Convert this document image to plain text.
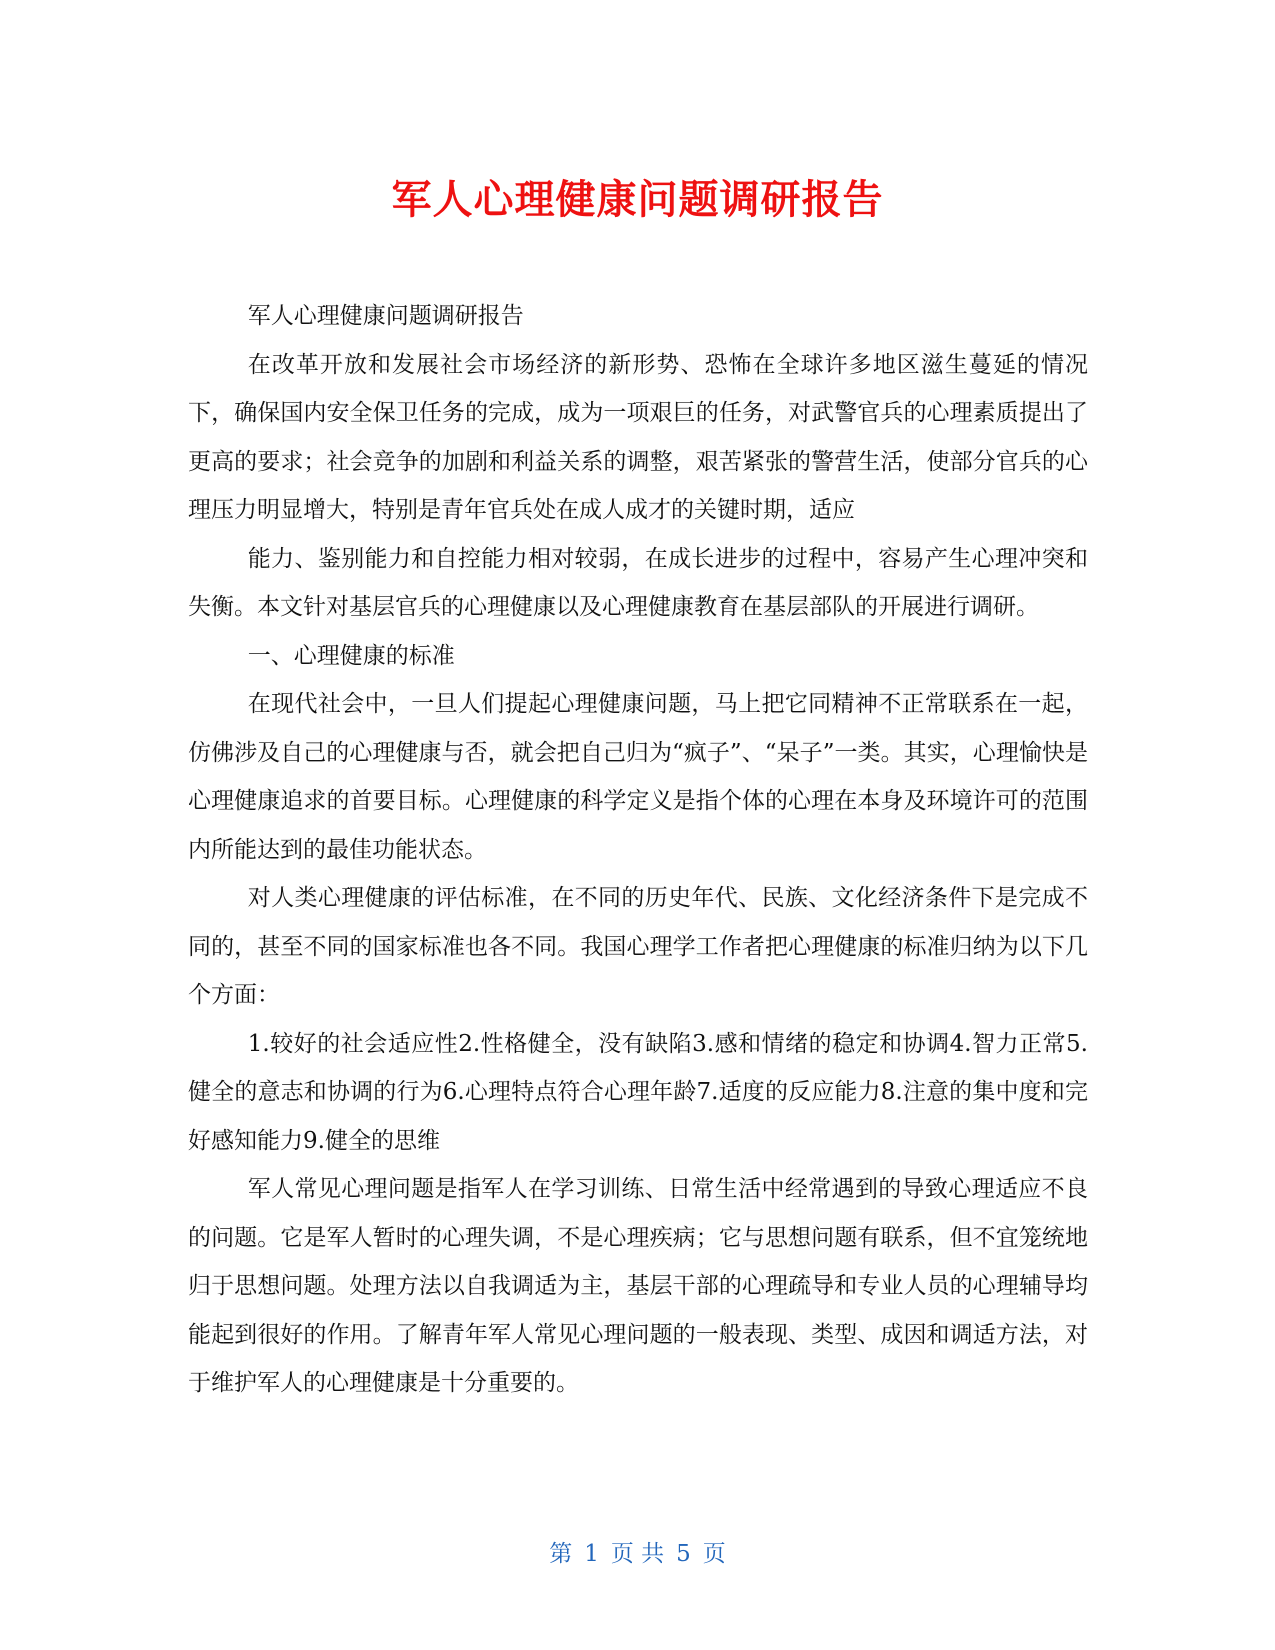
军人心理健康问题调研报告

军人心理健康问题调研报告

在改革开放和发展社会市场经济的新形势、恐怖在全球许多地区滋生蔓延的情况下，确保国内安全保卫任务的完成，成为一项艰巨的任务，对武警官兵的心理素质提出了更高的要求；社会竞争的加剧和利益关系的调整，艰苦紧张的警营生活，使部分官兵的心理压力明显增大，特别是青年官兵处在成人成才的关键时期，适应

能力、鉴别能力和自控能力相对较弱，在成长进步的过程中，容易产生心理冲突和失衡。本文针对基层官兵的心理健康以及心理健康教育在基层部队的开展进行调研。

一、心理健康的标准

在现代社会中，一旦人们提起心理健康问题，马上把它同精神不正常联系在一起，仿佛涉及自己的心理健康与否，就会把自己归为“疯子”、“呆子”一类。其实，心理愉快是心理健康追求的首要目标。心理健康的科学定义是指个体的心理在本身及环境许可的范围内所能达到的最佳功能状态。

对人类心理健康的评估标准，在不同的历史年代、民族、文化经济条件下是完成不同的，甚至不同的国家标准也各不同。我国心理学工作者把心理健康的标准归纳为以下几个方面：

1.较好的社会适应性2.性格健全，没有缺陷3.感和情绪的稳定和协调4.智力正常5.健全的意志和协调的行为6.心理特点符合心理年龄7.适度的反应能力8.注意的集中度和完好感知能力9.健全的思维

军人常见心理问题是指军人在学习训练、日常生活中经常遇到的导致心理适应不良的问题。它是军人暂时的心理失调，不是心理疾病；它与思想问题有联系，但不宜笼统地归于思想问题。处理方法以自我调适为主，基层干部的心理疏导和专业人员的心理辅导均能起到很好的作用。了解青年军人常见心理问题的一般表现、类型、成因和调适方法，对于维护军人的心理健康是十分重要的。

第 1 页 共 5 页
